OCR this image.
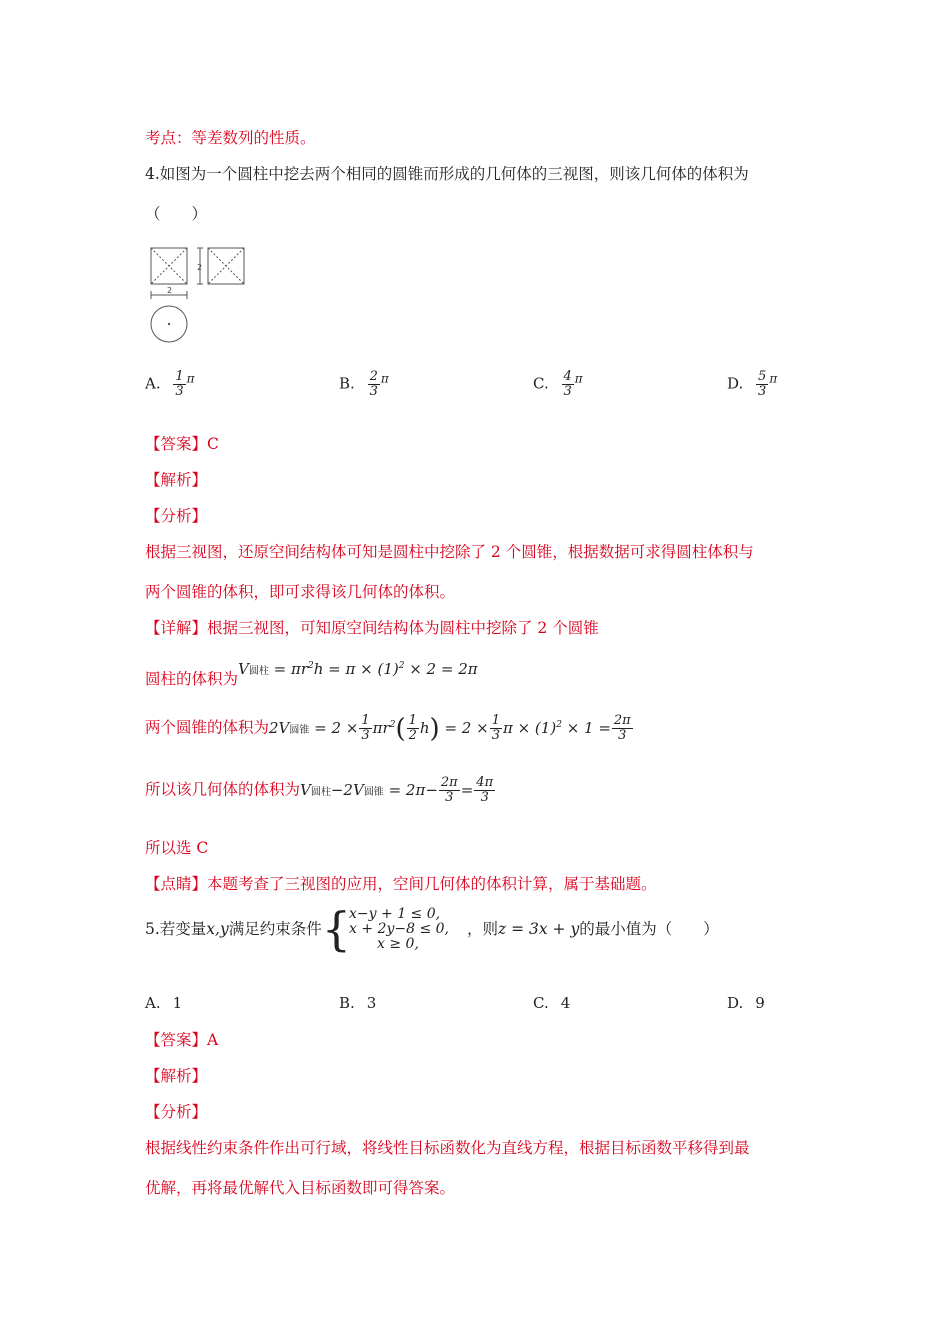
考点：等差数列的性质。
4.如图为一个圆柱中挖去两个相同的圆锥而形成的几何体的三视图，则该几何体的体积为
（　　）
2
2
A. $\frac{1}{3} ^\pi$	B. $\frac{2}{3} ^\pi$	C. $\frac{4}{3} ^\pi$	D. $\frac{5}{3} ^\pi$
【答案】C
【解析】
【分析】
根据三视图，还原空间结构体可知是圆柱中挖除了 2 个圆锥，根据数据可求得圆柱体积与
两个圆锥的体积，即可求得该几何体的体积。
【详解】根据三视图，可知原空间结构体为圆柱中挖除了 2 个圆锥
圆柱的体积为V圆柱 = $\pi r^2h = \pi \times (1)^2 \times 2 = 2\pi$
两个圆锥的体积为2V圆锥 = $2 \times \frac{1}{3} \pi r^2( \frac{1}{2} h) = 2 \times \frac{1}{3}$ $\pi \times (1)^2 \times 1 = \frac{2\pi}{3}$
所以该几何体的体积为V圆柱−2V圆锥 = $2\pi- \frac{2\pi}{3} = \frac{4\pi}{3}$
所以选 C
【点睛】本题考查了三视图的应用，空间几何体的体积计算，属于基础题。
5.若变量 x,y 满足约束条件 {
x−y + 1 ≤ 0,
x + 2y−8 ≤ 0,
x ≥ 0,
，则 z = 3x + y 的最小值为（　　）
A. 1	B. 3	C. 4	D. 9
【答案】A
【解析】
【分析】
根据线性约束条件作出可行域，将线性目标函数化为直线方程，根据目标函数平移得到最
优解，再将最优解代入目标函数即可得答案。
